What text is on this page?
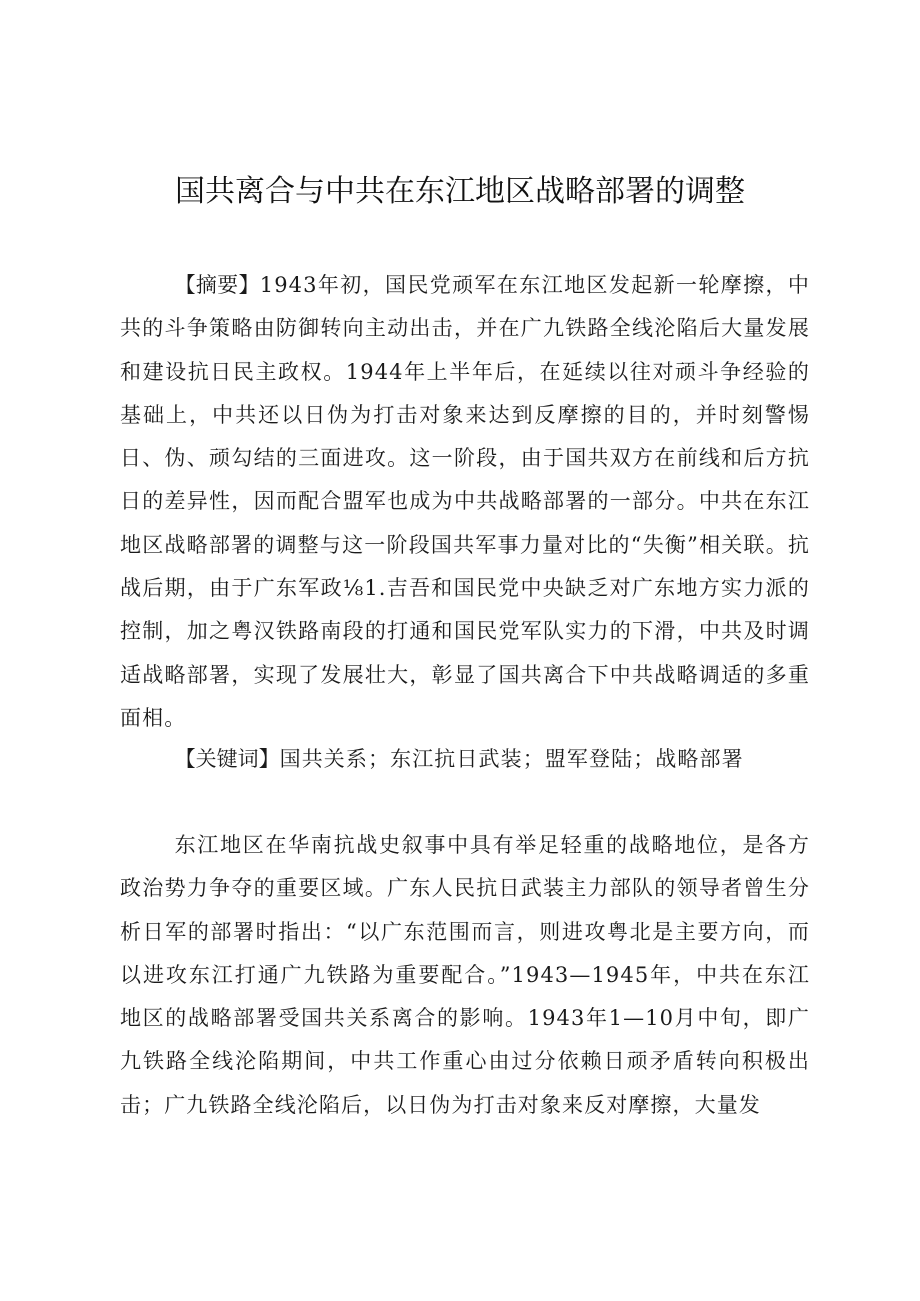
国共离合与中共在东江地区战略部署的调整

【摘要】1943年初，国民党顽军在东江地区发起新一轮摩擦，中共的斗争策略由防御转向主动出击，并在广九铁路全线沦陷后大量发展和建设抗日民主政权。1944年上半年后，在延续以往对顽斗争经验的基础上，中共还以日伪为打击对象来达到反摩擦的目的，并时刻警惕日、伪、顽勾结的三面进攻。这一阶段，由于国共双方在前线和后方抗日的差异性，因而配合盟军也成为中共战略部署的一部分。中共在东江地区战略部署的调整与这一阶段国共军事力量对比的“失衡”相关联。抗战后期，由于广东军政⅛1.吉吾和国民党中央缺乏对广东地方实力派的控制，加之粤汉铁路南段的打通和国民党军队实力的下滑，中共及时调适战略部署，实现了发展壮大，彰显了国共离合下中共战略调适的多重面相。

【关键词】国共关系；东江抗日武装；盟军登陆；战略部署

东江地区在华南抗战史叙事中具有举足轻重的战略地位，是各方政治势力争夺的重要区域。广东人民抗日武装主力部队的领导者曾生分析日军的部署时指出：“以广东范围而言，则进攻粤北是主要方向，而以进攻东江打通广九铁路为重要配合。”1943—1945年，中共在东江地区的战略部署受国共关系离合的影响。1943年1—10月中旬，即广九铁路全线沦陷期间，中共工作重心由过分依赖日顽矛盾转向积极出击；广九铁路全线沦陷后，以日伪为打击对象来反对摩擦，大量发
